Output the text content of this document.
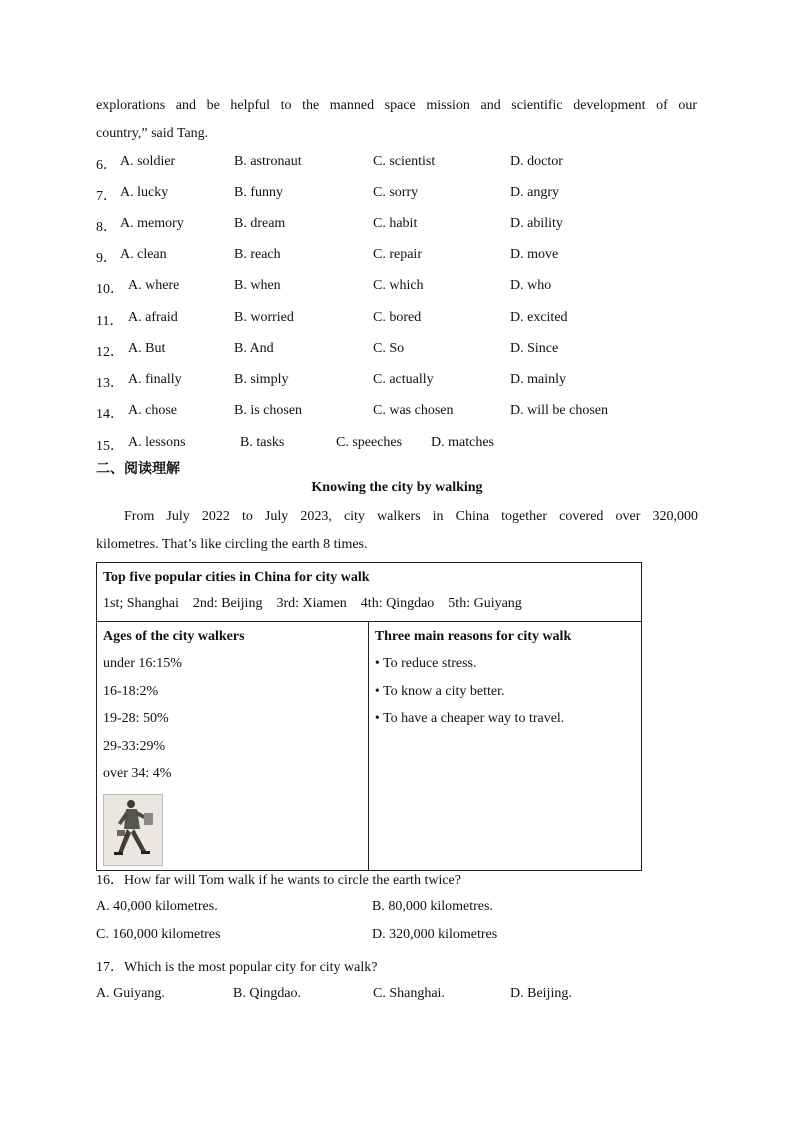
explorations and be helpful to the manned space mission and scientific development of our
country,” said Tang.
6． A. soldier	B. astronaut	C. scientist	D. doctor
7． A. lucky	B. funny	C. sorry	D. angry
8． A. memory	B. dream	C. habit	D. ability
9． A. clean	B. reach	C. repair	D. move
10． A. where	B. when	C. which	D. who
11． A. afraid	B. worried	C. bored	D. excited
12． A. But	B. And	C. So	D. Since
13． A. finally	B. simply	C. actually	D. mainly
14． A. chose	B. is chosen	C. was chosen	D. will be chosen
15． A. lessons	B. tasks	C. speeches D. matches
二、阅读理解
Knowing the city by walking
From July 2022 to July 2023, city walkers in China together covered over 320,000
kilometres. That’s like circling the earth 8 times.
Top five popular cities in China for city walk
1st; Shanghai    2nd: Beijing    3rd: Xiamen    4th: Qingdao    5th: Guiyang

Ages of the city walkers
under 16:15%
16-18:2%
19-28: 50%
29-33:29%
over 34: 4%

Three main reasons for city walk
• To reduce stress.
• To know a city better.
• To have a cheaper way to travel.
16．How far will Tom walk if he wants to circle the earth twice?
A. 40,000 kilometres.	B. 80,000 kilometres.
C. 160,000 kilometres	D. 320,000 kilometres
17．Which is the most popular city for city walk?
A. Guiyang.	B. Qingdao.	C. Shanghai.	D. Beijing.
